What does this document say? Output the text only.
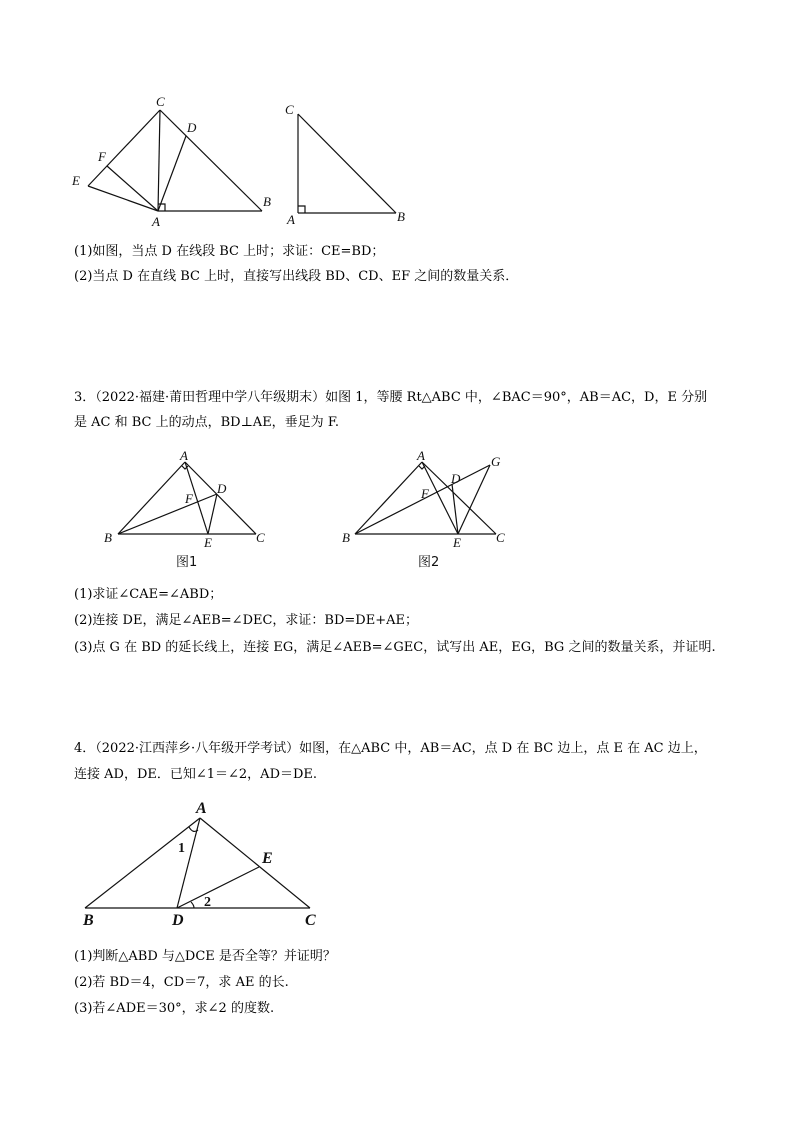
C
D
F
E
A
B
C
A	B
(1)如图，当点 D 在线段 BC 上时；求证：CE=BD；
(2)当点 D 在直线 BC 上时，直接写出线段 BD、CD、EF 之间的数量关系．
3．（2022·福建·莆田哲理中学八年级期末）如图 1，等腰 Rt△ABC 中，∠BAC＝90°，AB＝AC，D，E 分别
是 AC 和 BC 上的动点，BD⊥AE，垂足为 F.
A
D
F
B	E	C
图1
A	G
D
F
B	E	C
图2
(1)求证∠CAE=∠ABD；
(2)连接 DE，满足∠AEB=∠DEC，求证：BD=DE+AE；
(3)点 G 在 BD 的延长线上，连接 EG，满足∠AEB=∠GEC，试写出 AE，EG，BG 之间的数量关系，并证明.
4．（2022·江西萍乡·八年级开学考试）如图，在△ABC 中，AB＝AC，点 D 在 BC 边上，点 E 在 AC 边上，
连接 AD，DE．已知∠1＝∠2，AD＝DE.
A
E
B	D	C
1
2
(1)判断△ABD 与△DCE 是否全等？并证明？
(2)若 BD＝4，CD＝7，求 AE 的长.
(3)若∠ADE＝30°，求∠2 的度数.
